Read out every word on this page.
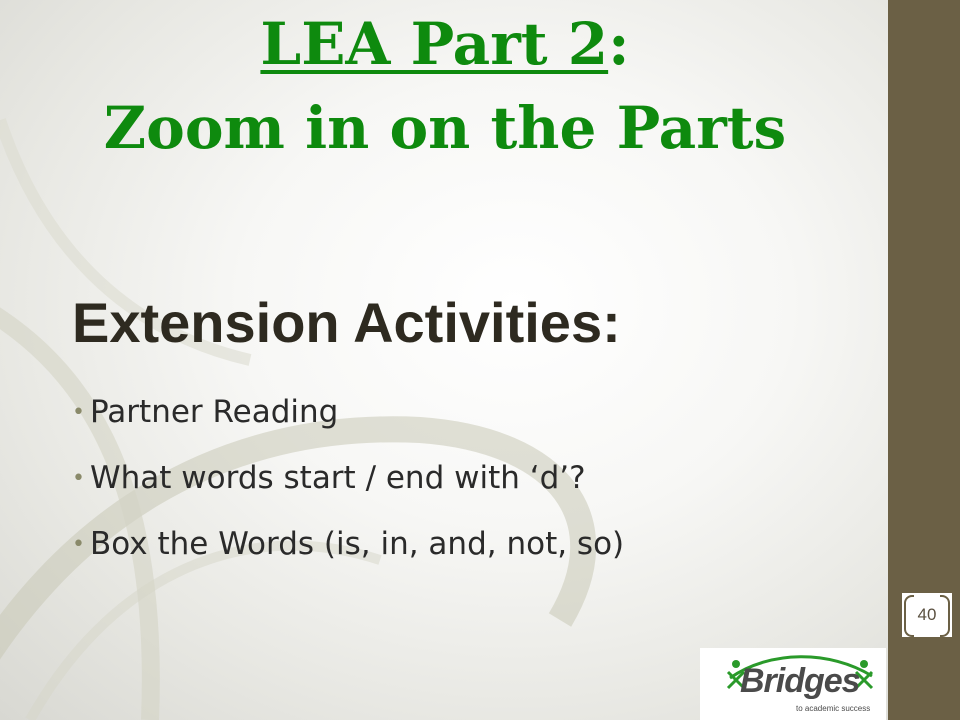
LEA Part 2:
Zoom in on the Parts
Extension Activities:
• Partner Reading
• What words start / end with ‘d’?
• Box the Words (is, in, and, not, so)
Bridges
to academic success
40
